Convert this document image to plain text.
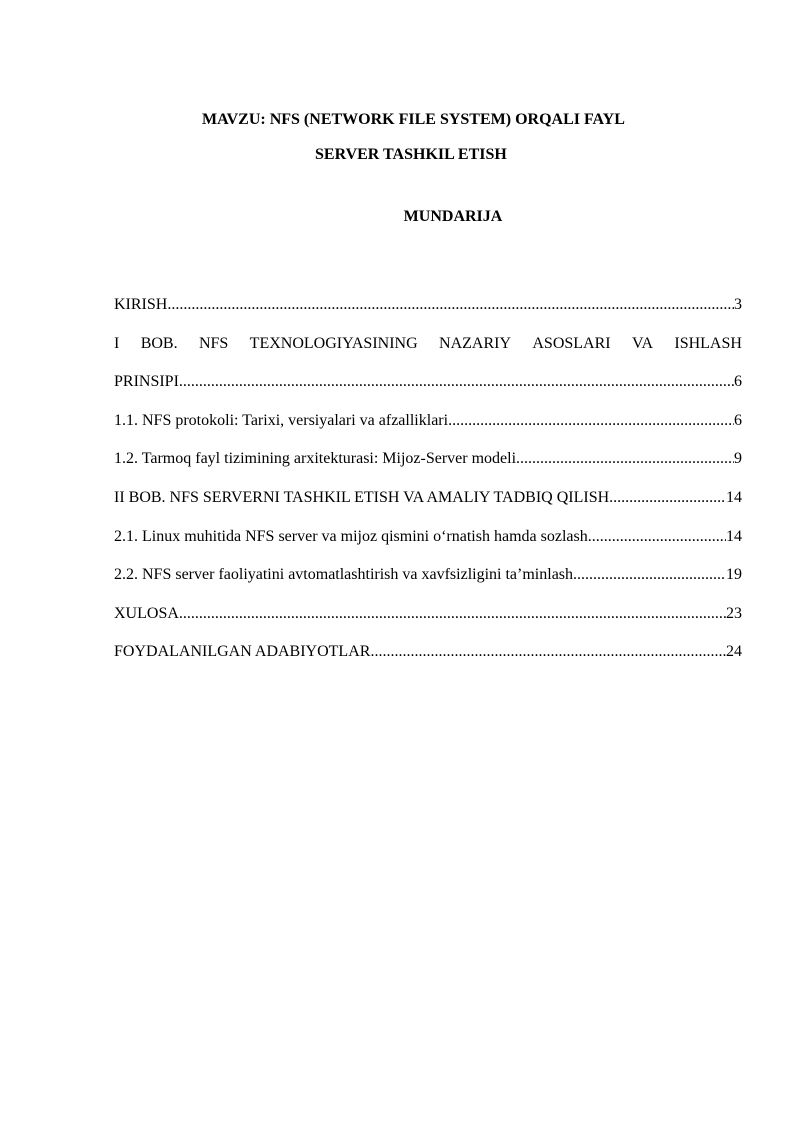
MAVZU: NFS (NETWORK FILE SYSTEM) ORQALI FAYL
SERVER TASHKIL ETISH
MUNDARIJA
KIRISH .....	3
I BOB. NFS TEXNOLOGIYASINING NAZARIY ASOSLARI VA ISHLASH
PRINSIPI .....	6
1.1. NFS protokoli: Tarixi, versiyalari va afzalliklari .....	6
1.2. Tarmoq fayl tizimining arxitekturasi: Mijoz-Server modeli .....	9
II BOB. NFS SERVERNI TASHKIL ETISH VA AMALIY TADBIQ QILISH .....	14
2.1. Linux muhitida NFS server va mijoz qismini o‘rnatish hamda sozlash .....	14
2.2. NFS server faoliyatini avtomatlashtirish va xavfsizligini ta’minlash .....	19
XULOSA .....	23
FOYDALANILGAN ADABIYOTLAR .....	24
